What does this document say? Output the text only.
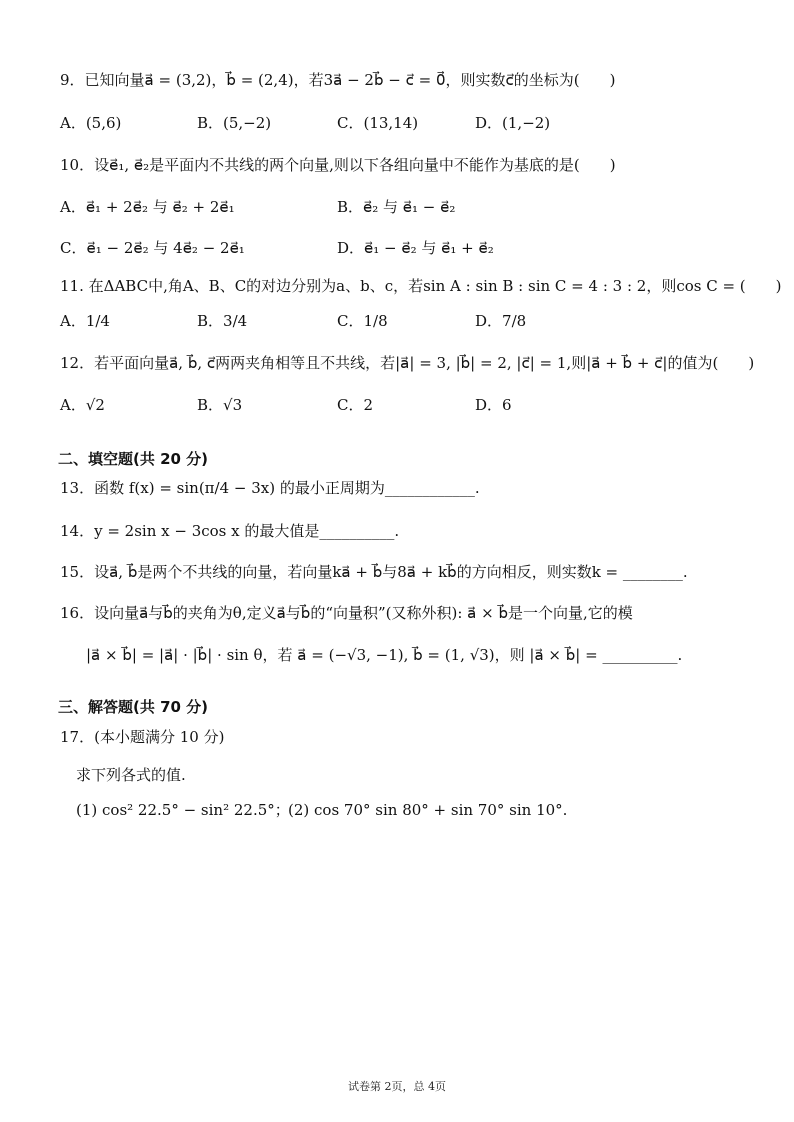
9．已知向量a⃗ = (3,2)，b⃗ = (2,4)，若3a⃗ − 2b⃗ − c⃗ = 0⃗，则实数c⃗的坐标为(　　)
A．(5,6)	B．(5,−2)	C．(13,14)	D．(1,−2)
10．设e⃗₁, e⃗₂是平面内不共线的两个向量,则以下各组向量中不能作为基底的是(　　)
A．e⃗₁ + 2e⃗₂ 与 e⃗₂ + 2e⃗₁	B．e⃗₂ 与 e⃗₁ − e⃗₂
C．e⃗₁ − 2e⃗₂ 与 4e⃗₂ − 2e⃗₁	D．e⃗₁ − e⃗₂ 与 e⃗₁ + e⃗₂
11. 在ΔABC中,角A、B、C的对边分别为a、b、c，若sin A : sin B : sin C = 4 : 3 : 2，则cos C = (　　)
A．1/4	B．3/4	C．1/8	D．7/8
12．若平面向量a⃗, b⃗, c⃗两两夹角相等且不共线，若|a⃗| = 3, |b⃗| = 2, |c⃗| = 1,则|a⃗ + b⃗ + c⃗|的值为(　　)
A．√2	B．√3	C．2	D．6
二、填空题(共 20 分)
13．函数 f(x) = sin(π/4 − 3x) 的最小正周期为____________.
14．y = 2sin x − 3cos x 的最大值是__________.
15．设a⃗, b⃗是两个不共线的向量，若向量ka⃗ + b⃗与8a⃗ + kb⃗的方向相反，则实数k = ________.
16．设向量a⃗与b⃗的夹角为θ,定义a⃗与b⃗的“向量积”(又称外积): a⃗ × b⃗是一个向量,它的模
|a⃗ × b⃗| = |a⃗| · |b⃗| · sin θ，若 a⃗ = (−√3, −1), b⃗ = (1, √3)，则 |a⃗ × b⃗| = __________.
三、解答题(共 70 分)
17．(本小题满分 10 分)
求下列各式的值.
(1) cos² 22.5° − sin² 22.5°；
(2) cos 70° sin 80° + sin 70° sin 10°.
试卷第 2页，总 4页
